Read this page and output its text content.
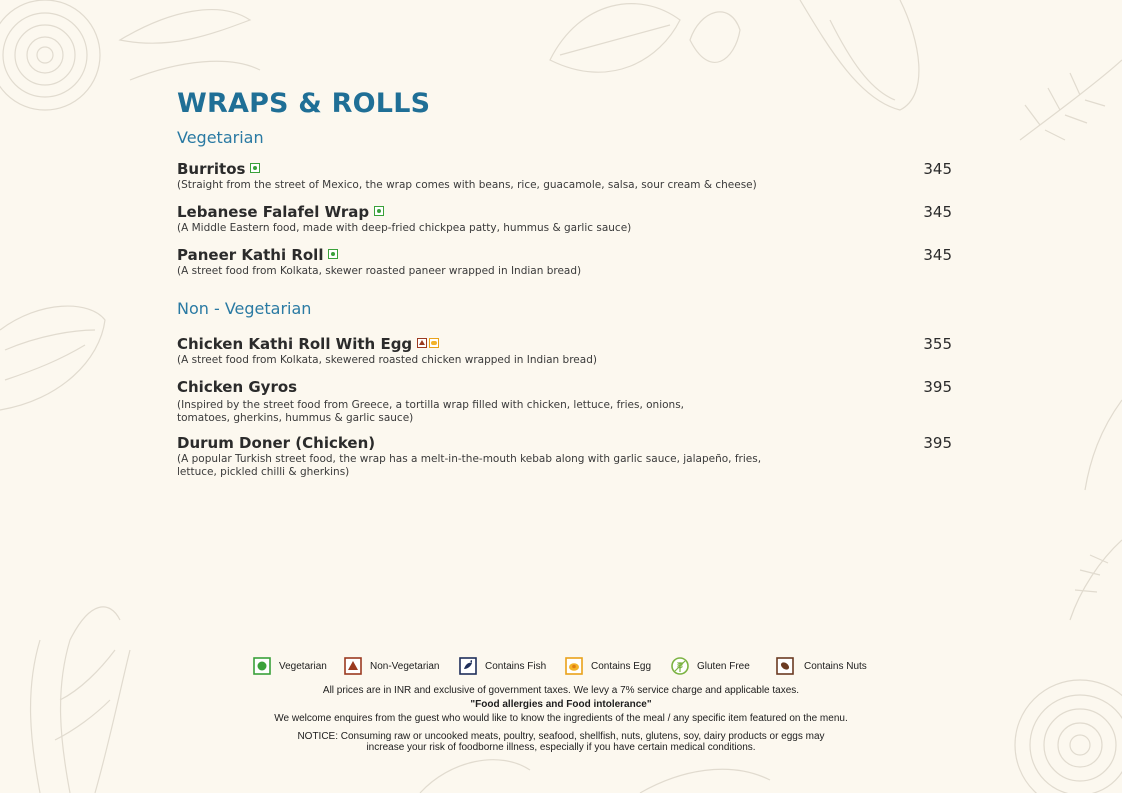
WRAPS & ROLLS
Vegetarian
Burritos
(Straight from the street of Mexico, the wrap comes with beans, rice, guacamole, salsa, sour cream & cheese)
345
Lebanese Falafel Wrap
(A Middle Eastern food, made with deep-fried chickpea patty, hummus & garlic sauce)
345
Paneer Kathi Roll
(A street food from Kolkata, skewer roasted paneer wrapped in Indian bread)
345
Non - Vegetarian
Chicken Kathi Roll With Egg
(A street food from Kolkata, skewered roasted chicken wrapped in Indian bread)
355
Chicken Gyros
(Inspired by the street food from Greece, a tortilla wrap filled with chicken, lettuce, fries, onions,
tomatoes, gherkins, hummus & garlic sauce)
395
Durum Doner (Chicken)
(A popular Turkish street food, the wrap has a melt-in-the-mouth kebab along with garlic sauce, jalapeño, fries,
lettuce, pickled chilli & gherkins)
395
Vegetarian	Non-Vegetarian	Contains Fish	Contains Egg	Gluten Free	Contains Nuts
All prices are in INR and exclusive of government taxes. We levy a 7% service charge and applicable taxes.
"Food allergies and Food intolerance"
We welcome enquires from the guest who would like to know the ingredients of the meal / any specific item featured on the menu.
NOTICE: Consuming raw or uncooked meats, poultry, seafood, shellfish, nuts, glutens, soy, dairy products or eggs may
increase your risk of foodborne illness, especially if you have certain medical conditions.
